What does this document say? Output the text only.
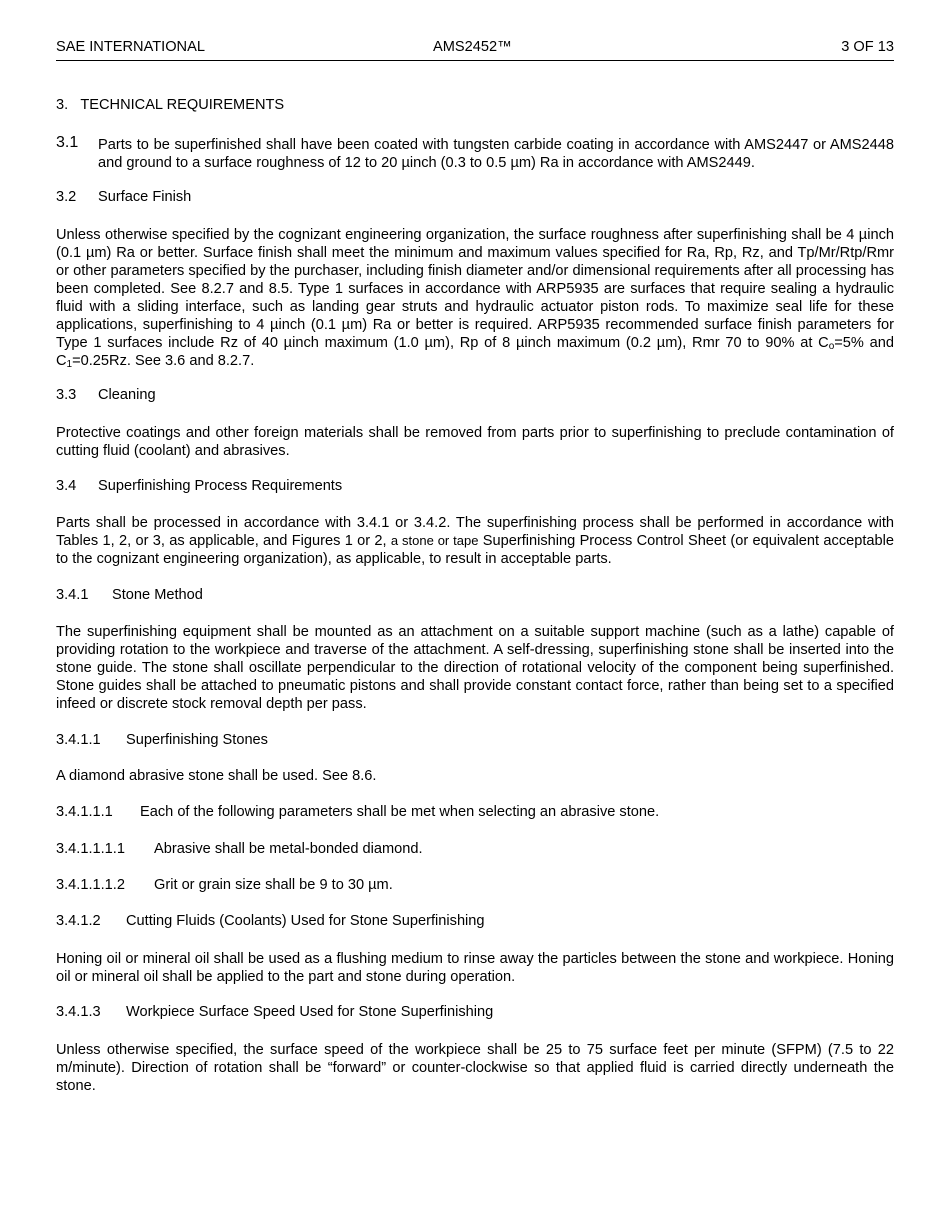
SAE INTERNATIONAL	AMS2452™	3 OF 13
3. TECHNICAL REQUIREMENTS
3.1 Parts to be superfinished shall have been coated with tungsten carbide coating in accordance with AMS2447 or AMS2448 and ground to a surface roughness of 12 to 20 µinch (0.3 to 0.5 µm) Ra in accordance with AMS2449.
3.2 Surface Finish
Unless otherwise specified by the cognizant engineering organization, the surface roughness after superfinishing shall be 4 µinch (0.1 µm) Ra or better. Surface finish shall meet the minimum and maximum values specified for Ra, Rp, Rz, and Tp/Mr/Rtp/Rmr or other parameters specified by the purchaser, including finish diameter and/or dimensional requirements after all processing has been completed. See 8.2.7 and 8.5. Type 1 surfaces in accordance with ARP5935 are surfaces that require sealing a hydraulic fluid with a sliding interface, such as landing gear struts and hydraulic actuator piston rods. To maximize seal life for these applications, superfinishing to 4 µinch (0.1 µm) Ra or better is required. ARP5935 recommended surface finish parameters for Type 1 surfaces include Rz of 40 µinch maximum (1.0 µm), Rp of 8 µinch maximum (0.2 µm), Rmr 70 to 90% at $C_o=5\%$ and $C_1=0.25Rz$. See 3.6 and 8.2.7.
3.3 Cleaning
Protective coatings and other foreign materials shall be removed from parts prior to superfinishing to preclude contamination of cutting fluid (coolant) and abrasives.
3.4 Superfinishing Process Requirements
Parts shall be processed in accordance with 3.4.1 or 3.4.2. The superfinishing process shall be performed in accordance with Tables 1, 2, or 3, as applicable, and Figures 1 or 2, a stone or tape Superfinishing Process Control Sheet (or equivalent acceptable to the cognizant engineering organization), as applicable, to result in acceptable parts.
3.4.1 Stone Method
The superfinishing equipment shall be mounted as an attachment on a suitable support machine (such as a lathe) capable of providing rotation to the workpiece and traverse of the attachment. A self-dressing, superfinishing stone shall be inserted into the stone guide. The stone shall oscillate perpendicular to the direction of rotational velocity of the component being superfinished. Stone guides shall be attached to pneumatic pistons and shall provide constant contact force, rather than being set to a specified infeed or discrete stock removal depth per pass.
3.4.1.1 Superfinishing Stones
A diamond abrasive stone shall be used. See 8.6.
3.4.1.1.1 Each of the following parameters shall be met when selecting an abrasive stone.
3.4.1.1.1.1 Abrasive shall be metal-bonded diamond.
3.4.1.1.1.2 Grit or grain size shall be 9 to 30 µm.
3.4.1.2 Cutting Fluids (Coolants) Used for Stone Superfinishing
Honing oil or mineral oil shall be used as a flushing medium to rinse away the particles between the stone and workpiece. Honing oil or mineral oil shall be applied to the part and stone during operation.
3.4.1.3 Workpiece Surface Speed Used for Stone Superfinishing
Unless otherwise specified, the surface speed of the workpiece shall be 25 to 75 surface feet per minute (SFPM) (7.5 to 22 m/minute). Direction of rotation shall be “forward” or counter-clockwise so that applied fluid is carried directly underneath the stone.
